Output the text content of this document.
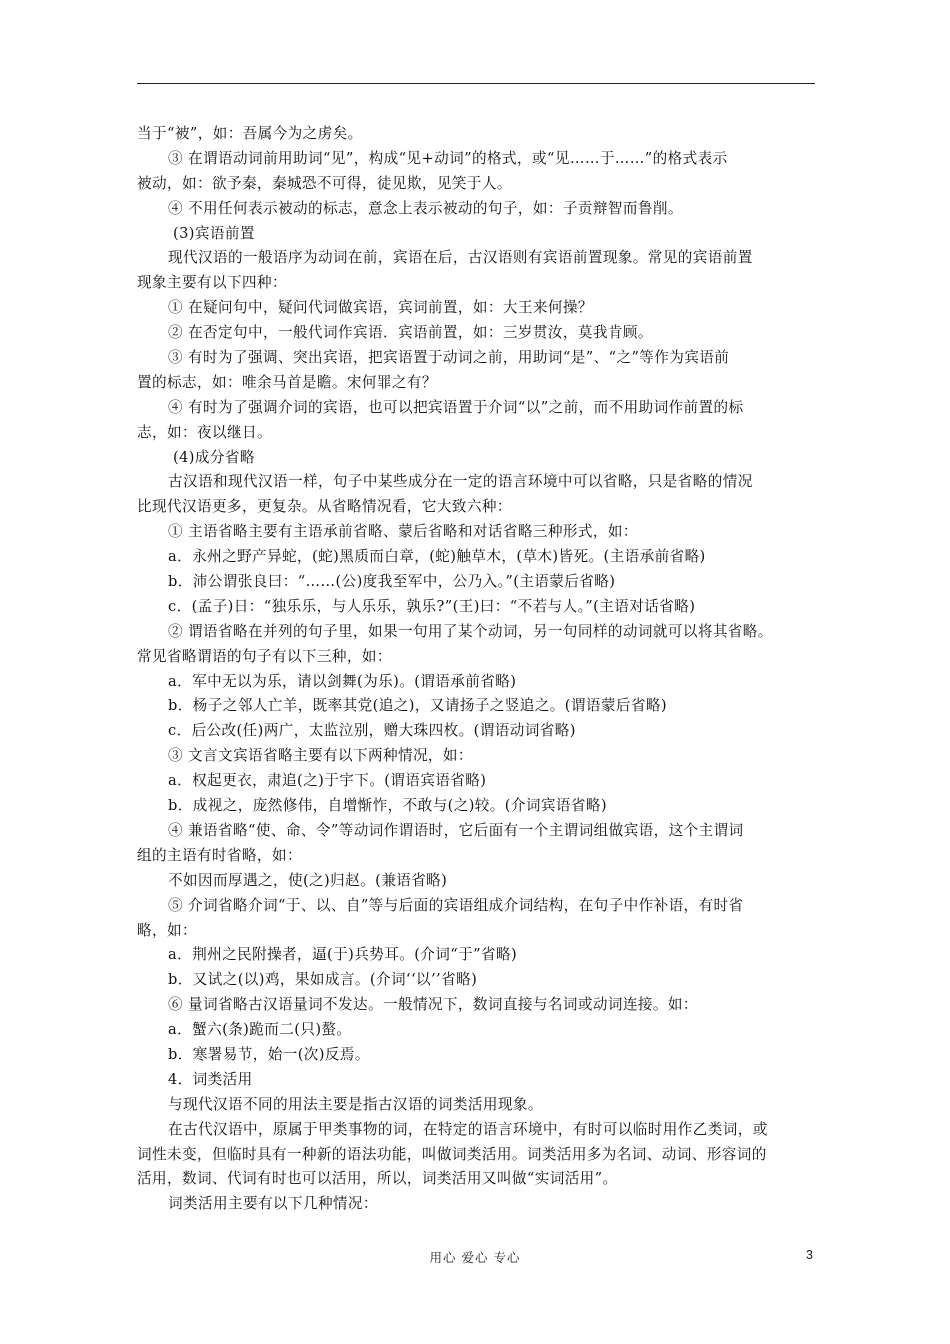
当于“被”，如：吾属今为之虏矣。
③ 在谓语动词前用助词“见”，构成“见+动词”的格式，或“见……于……”的格式表示
被动，如：欲予秦，秦城恐不可得，徒见欺，见笑于人。
④ 不用任何表示被动的标志，意念上表示被动的句子，如：子贡辩智而鲁削。
(3)宾语前置
现代汉语的一般语序为动词在前，宾语在后，古汉语则有宾语前置现象。常见的宾语前置
现象主要有以下四种：
① 在疑问句中，疑问代词做宾语，宾词前置，如：大王来何操？
② 在否定句中，一般代词作宾语．宾语前置，如：三岁贯汝，莫我肯顾。
③ 有时为了强调、突出宾语，把宾语置于动词之前，用助词“是”、“之”等作为宾语前
置的标志，如：唯余马首是瞻。宋何罪之有？
④ 有时为了强调介词的宾语，也可以把宾语置于介词“以”之前，而不用助词作前置的标
志，如：夜以继日。
(4)成分省略
古汉语和现代汉语一样，句子中某些成分在一定的语言环境中可以省略，只是省略的情况
比现代汉语更多，更复杂。从省略情况看，它大致六种：
① 主语省略主要有主语承前省略、蒙后省略和对话省略三种形式，如：
a．永州之野产异蛇，(蛇)黑质而白章，(蛇)触草木，(草木)皆死。(主语承前省略)
b．沛公谓张良曰：“……(公)度我至军中，公乃入。”(主语蒙后省略)
c．(孟子)日：“独乐乐，与人乐乐，孰乐?”(王)曰：“不若与人。”(主语对话省略)
② 谓语省略在并列的句子里，如果一句用了某个动词，另一句同样的动词就可以将其省略。
常见省略谓语的句子有以下三种，如：
a．军中无以为乐，请以剑舞(为乐)。(谓语承前省略)
b．杨子之邻人亡羊，既率其党(追之)，又请扬子之竖追之。(谓语蒙后省略)
c．后公改(任)两广，太监泣别，赠大珠四枚。(谓语动词省略)
③ 文言文宾语省略主要有以下两种情况，如：
a．权起更衣，肃追(之)于宇下。(谓语宾语省略)
b．成视之，庞然修伟，自增惭怍，不敢与(之)较。(介词宾语省略)
④ 兼语省略“使、命、令”等动词作谓语时，它后面有一个主谓词组做宾语，这个主谓词
组的主语有时省略，如：
不如因而厚遇之，使(之)归赵。(兼语省略)
⑤ 介词省略介词“于、以、自”等与后面的宾语组成介词结构，在句子中作补语，有时省
略，如：
a．荆州之民附操者，逼(于)兵势耳。(介词“于”省略)
b．又试之(以)鸡，果如成言。(介词‘‘以’’省略)
⑥ 量词省略古汉语量词不发达。一般情况下，数词直接与名词或动词连接。如：
a．蟹六(条)跪而二(只)螯。
b．寒署易节，始一(次)反焉。
4．词类活用
与现代汉语不同的用法主要是指古汉语的词类活用现象。
在古代汉语中，原属于甲类事物的词，在特定的语言环境中，有时可以临时用作乙类词，或
词性未变，但临时具有一种新的语法功能，叫做词类活用。词类活用多为名词、动词、形容词的
活用，数词、代词有时也可以活用，所以，词类活用又叫做“实词活用”。
词类活用主要有以下几种情况：
用心 爱心 专心	3
